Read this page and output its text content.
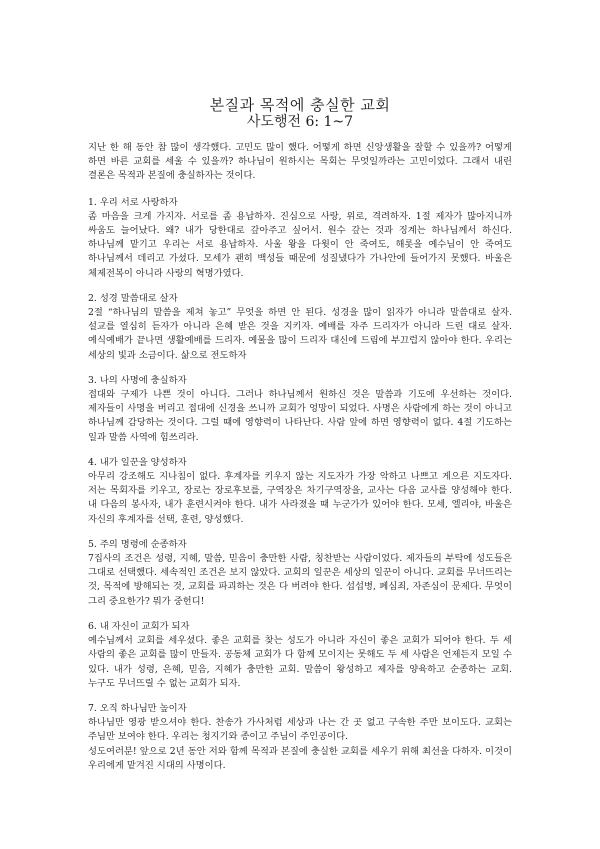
본질과 목적에 충실한 교회
사도행전 6: 1~7

지난 한 해 동안 참 많이 생각했다. 고민도 많이 했다. 어떻게 하면 신앙생활을 잘할 수 있을까? 어떻게 하면 바른 교회를 세울 수 있을까? 하나님이 원하시는 목회는 무엇일까라는 고민이었다. 그래서 내린 결론은 목적과 본질에 충실하자는 것이다.

1. 우리 서로 사랑하자

좀 마음을 크게 가지자. 서로를 좀 용납하자. 진심으로 사랑, 위로, 격려하자. 1절 제자가 많아지니까 싸움도 늘어났다. 왜? 내가 당한대로 갚아주고 싶어서. 원수 갚는 것과 징계는 하나님께서 하신다. 하나님께 맡기고 우리는 서로 용납하자. 사울 왕을 다윗이 안 죽여도, 해롯을 예수님이 안 죽여도 하나님께서 데리고 가셨다. 모세가 괜히 백성들 때문에 성질냈다가 가나안에 들어가지 못했다. 바울은 체제전복이 아니라 사랑의 혁명가였다.

2. 성경 말씀대로 살자

2절 “하나님의 말씀을 제쳐 놓고” 무엇을 하면 안 된다. 성경을 많이 읽자가 아니라 말씀대로 살자. 설교를 열심히 듣자가 아니라 은혜 받은 것을 지키자. 예배를 자주 드리자가 아니라 드린 대로 살자. 예식예배가 끝나면 생활예배를 드리자. 예물을 많이 드리자 대신에 드림에 부끄럽지 않아야 한다. 우리는 세상의 빛과 소금이다. 삶으로 전도하자

3. 나의 사명에 충실하자

접대와 구제가 나쁜 것이 아니다. 그러나 하나님께서 원하신 것은 말씀과 기도에 우선하는 것이다. 제자들이 사명을 버리고 접대에 신경을 쓰니까 교회가 엉망이 되었다. 사명은 사람에게 하는 것이 아니고 하나님께 감당하는 것이다. 그럴 때에 영향력이 나타난다. 사람 앞에 하면 영향력이 없다. 4절 기도하는 일과 말씀 사역에 힘쓰리라.

4. 내가 일꾼을 양성하자

아무리 강조해도 지나침이 없다. 후계자를 키우지 않는 지도자가 가장 악하고 나쁘고 게으른 지도자다. 저는 목회자를 키우고, 장로는 장로후보를, 구역장은 차기구역장을, 교사는 다음 교사를 양성해야 한다. 내 다음의 봉사자, 내가 훈련시켜야 한다. 내가 사라졌을 때 누군가가 있어야 한다. 모세, 엘리야, 바울은 자신의 후계자를 선택, 훈련, 양성했다.

5. 주의 명령에 순종하자

7집사의 조건은 성령, 지혜, 말씀, 믿음이 충만한 사람, 칭찬받는 사람이었다. 제자들의 부탁에 성도들은 그대로 선택했다. 세속적인 조건은 보지 않았다. 교회의 일꾼은 세상의 일꾼이 아니다. 교회를 무너뜨리는 것, 목적에 방해되는 것, 교회를 파괴하는 것은 다 버려야 한다. 섭섭병, 폐심죄, 자존심이 문제다. 무엇이 그리 중요한가? 뭐가 중헌디!

6. 내 자신이 교회가 되자

예수님께서 교회를 세우셨다. 좋은 교회를 찾는 성도가 아니라 자신이 좋은 교회가 되어야 한다. 두 세 사람의 좋은 교회를 많이 만들자. 공동체 교회가 다 함께 모이지는 못해도 두 세 사람은 언제든지 모일 수 있다. 내가 성령, 은혜, 믿음, 지혜가 충만한 교회. 말씀이 왕성하고 제자를 양육하고 순종하는 교회. 누구도 무너뜨릴 수 없는 교회가 되자.

7. 오직 하나님만 높이자

하나님만 영광 받으셔야 한다. 찬송가 가사처럼 세상과 나는 간 곳 없고 구속한 주만 보이도다. 교회는 주님만 보여야 한다. 우리는 청지기와 종이고 주님이 주인공이다.

성도여러분! 앞으로 2년 동안 저와 함께 목적과 본질에 충실한 교회를 세우기 위해 최선을 다하자. 이것이 우리에게 맡겨진 시대의 사명이다.
